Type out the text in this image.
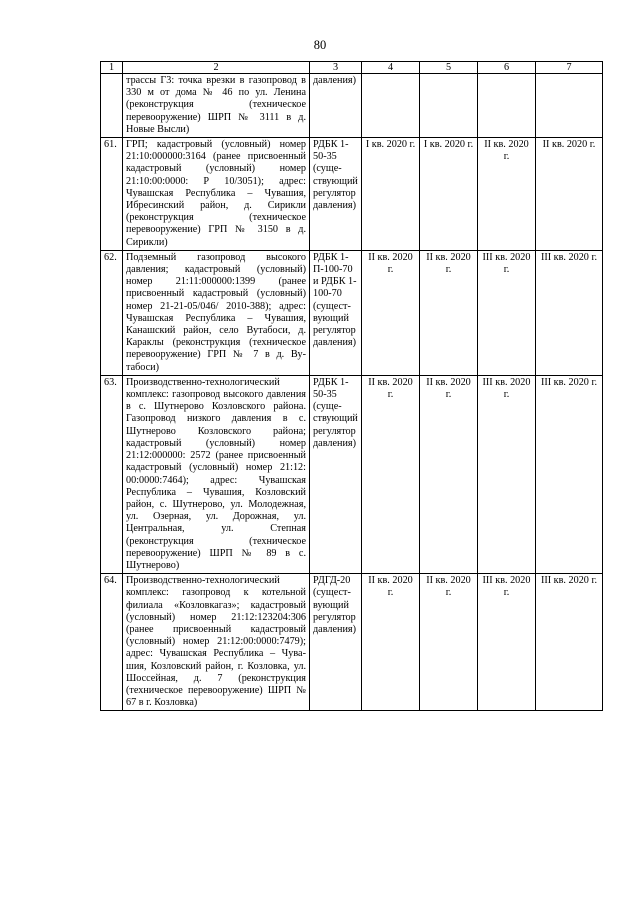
80
1	2	3	4	5	6	7
	трассы Г3: точка врезки в газопровод в 330 м от дома № 46 по ул. Ленина (реконструкция (техническое перевооружение) ШРП № 3111 в д. Новые Высли)	давления)				
61.	ГРП; кадастровый (условный) номер 21:10:000000:3164 (ранее присвоенный кадастровый (условный) номер 21:10:00:0000: Р 10/3051); адрес: Чувашская Республика – Чувашия, Ибресинский район, д. Сирикли (реконструкция (техническое перевооружение) ГРП № 3150 в д. Сирикли)	РДБК 1-50-35 (существующий регулятор давления)	I кв. 2020 г.	I кв. 2020 г.	II кв. 2020 г.	II кв. 2020 г.
62.	Подземный газопровод высокого давления; кадастровый (условный) номер 21:11:000000:1399 (ранее присвоенный кадастровый (условный) номер 21-21-05/046/ 2010-388); адрес: Чувашская Республика – Чувашия, Канашский район, село Вутабоси, д. Караклы (реконструкция (техническое перевооружение) ГРП № 7 в д. Вутабоси)	РДБК 1-П-100-70 и РДБК 1-100-70 (существующий регулятор давления)	II кв. 2020 г.	II кв. 2020 г.	III кв. 2020 г.	III кв. 2020 г.
63.	Производственно-технологический комплекс: газопровод высокого давления в с. Шутнерово Козловского района. Газопровод низкого давления в с. Шутнерово Козловского района; кадастровый (условный) номер 21:12:000000: 2572 (ранее присвоенный кадастровый (условный) номер 21:12: 00:0000:7464); адрес: Чувашская Республика – Чувашия, Козловский район, с. Шутнерово, ул. Молодежная, ул. Озерная, ул. Дорожная, ул. Центральная, ул. Степная (реконструкция (техническое перевооружение) ШРП № 89 в с. Шутнерово)	РДБК 1-50-35 (существующий регулятор давления)	II кв. 2020 г.	II кв. 2020 г.	III кв. 2020 г.	III кв. 2020 г.
64.	Производственно-технологический комплекс: газопровод к котельной филиала «Козловкагаз»; кадастровый (условный) номер 21:12:123204:306 (ранее присвоенный кадастровый (условный) номер 21:12:00:0000:7479); адрес: Чувашская Республика – Чувашия, Козловский район, г. Козловка, ул. Шоссейная, д. 7 (реконструкция (техническое перевооружение) ШРП № 67 в г. Козловка)	РДГД-20 (существующий регулятор давления)	II кв. 2020 г.	II кв. 2020 г.	III кв. 2020 г.	III кв. 2020 г.
